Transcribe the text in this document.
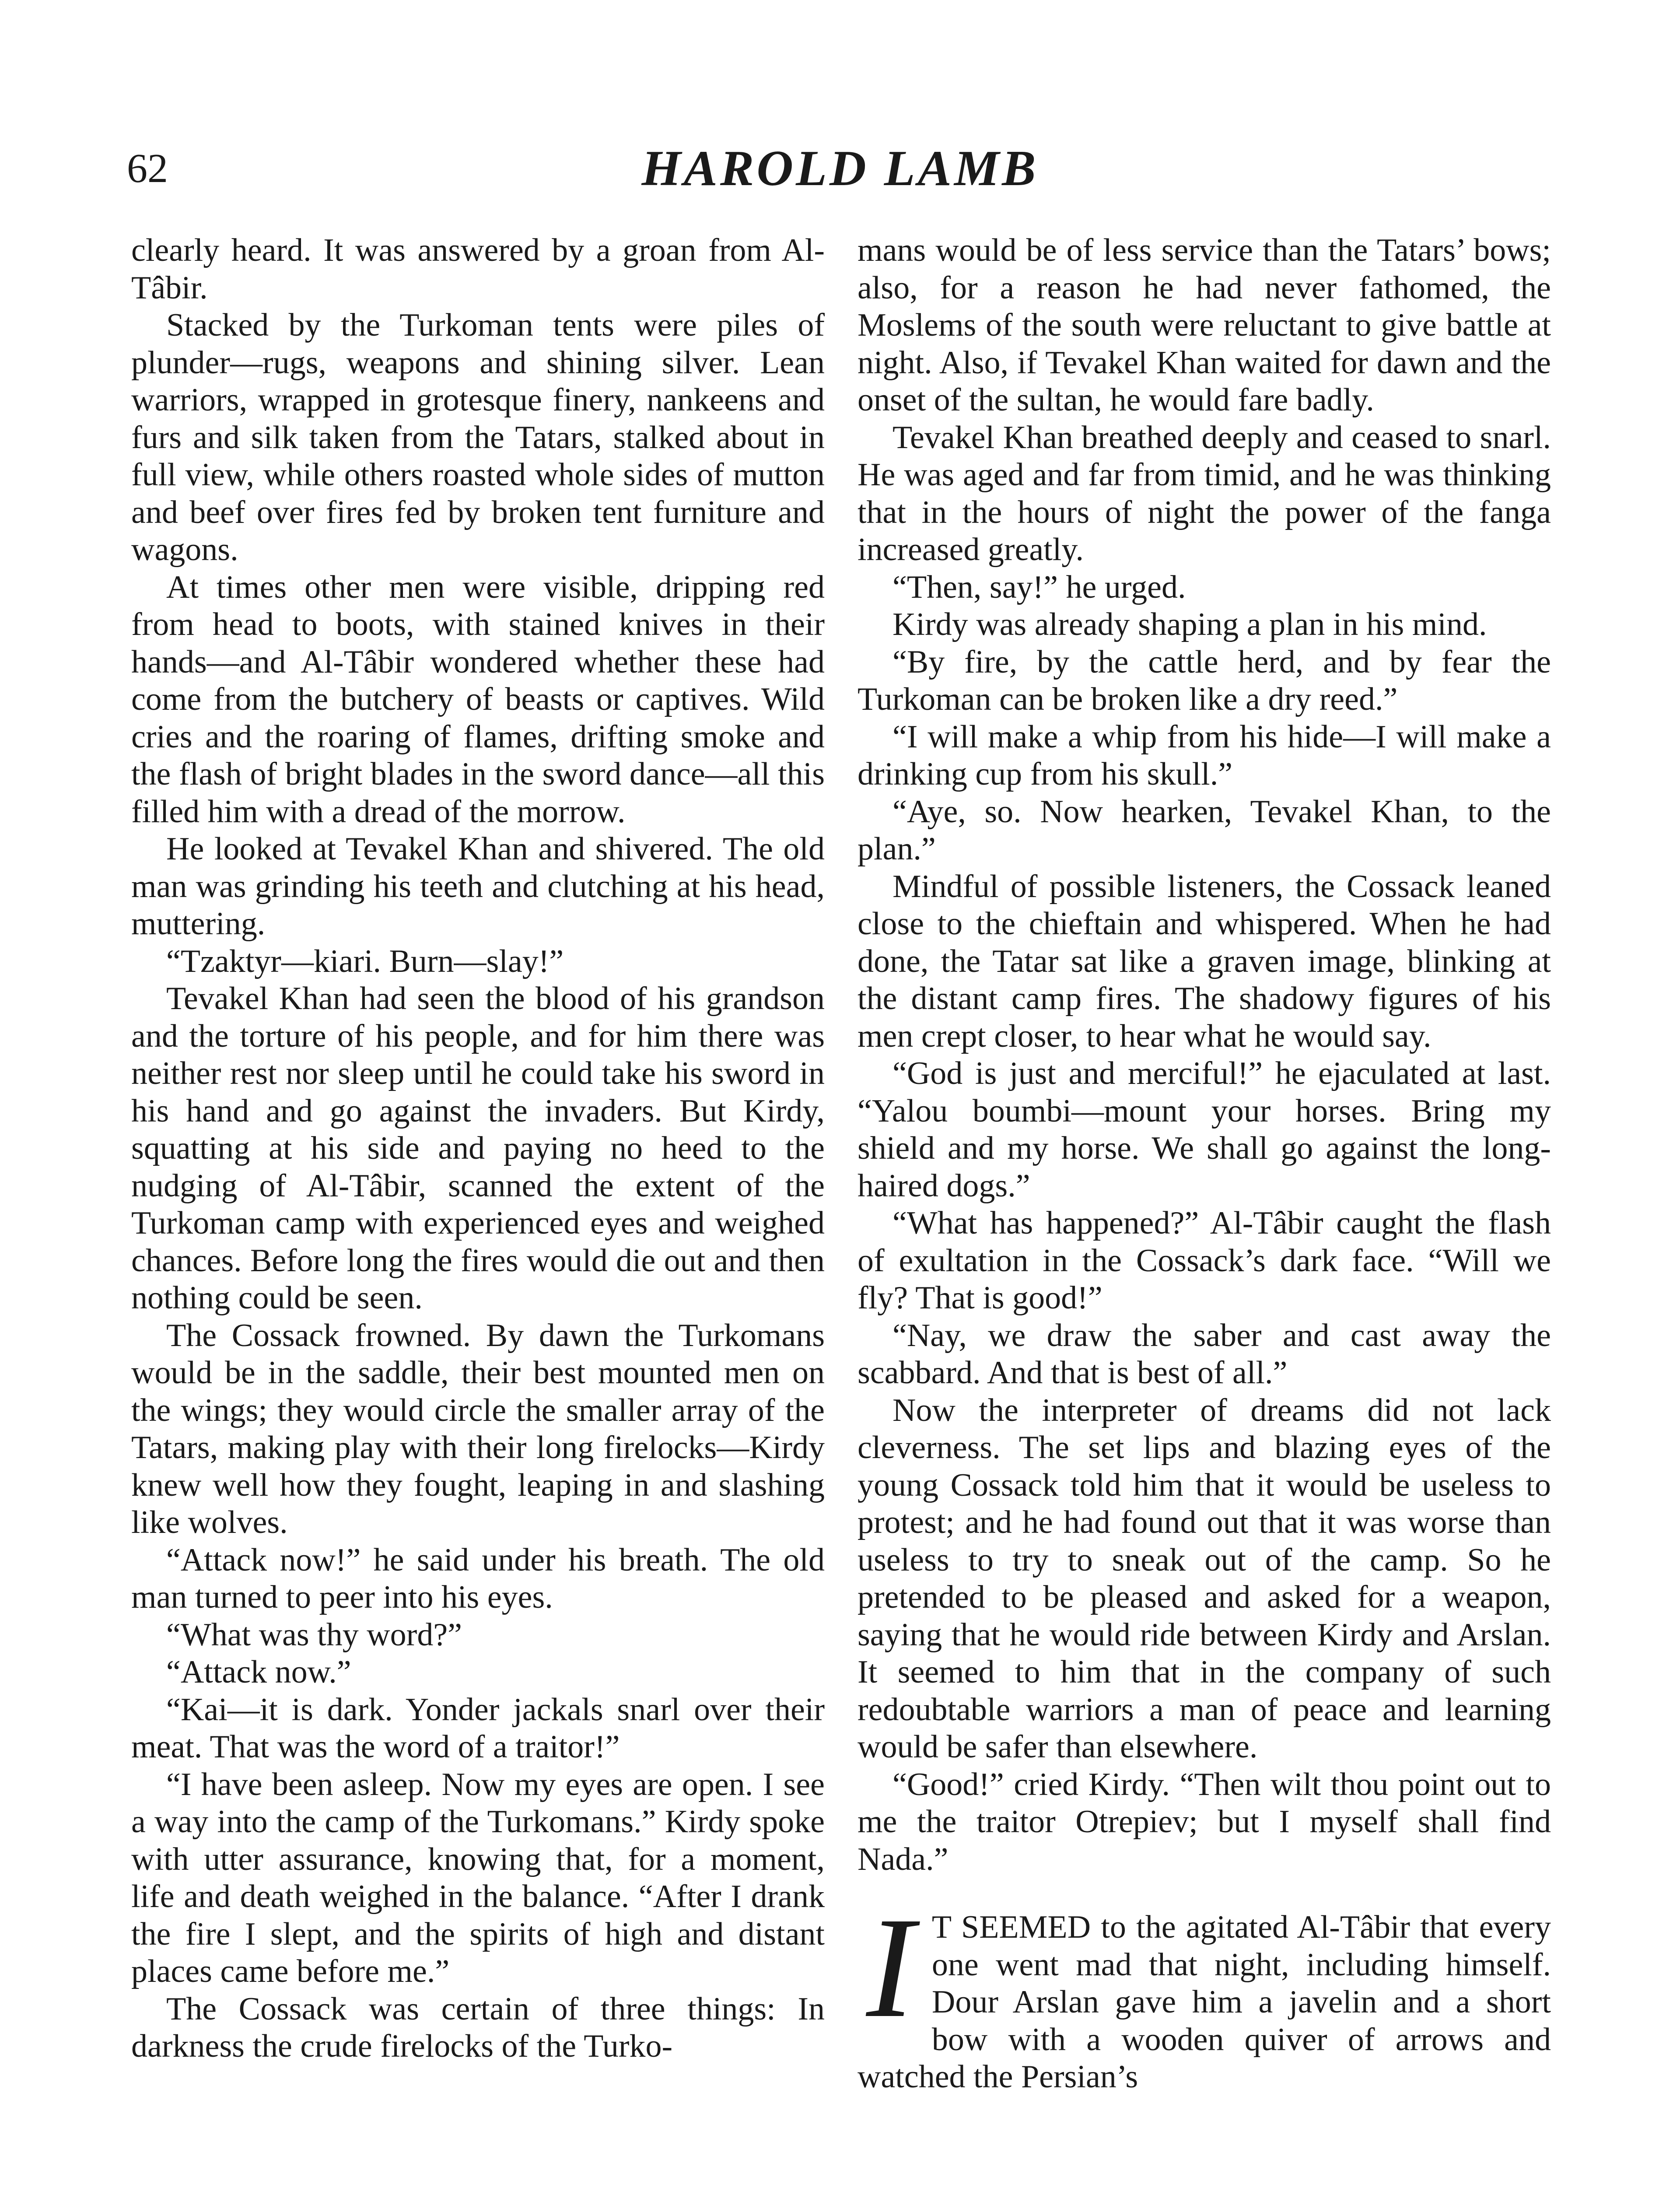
62	HAROLD LAMB

clearly heard. It was answered by a groan from Al-Tâbir.

Stacked by the Turkoman tents were piles of plunder—rugs, weapons and shining silver. Lean warriors, wrapped in grotesque finery, nankeens and furs and silk taken from the Tatars, stalked about in full view, while others roasted whole sides of mutton and beef over fires fed by broken tent furniture and wagons.

At times other men were visible, dripping red from head to boots, with stained knives in their hands—and Al-Tâbir wondered whether these had come from the butchery of beasts or captives. Wild cries and the roaring of flames, drifting smoke and the flash of bright blades in the sword dance—all this filled him with a dread of the morrow.

He looked at Tevakel Khan and shivered. The old man was grinding his teeth and clutching at his head, muttering.

“Tzaktyr—kiari. Burn—slay!”

Tevakel Khan had seen the blood of his grandson and the torture of his people, and for him there was neither rest nor sleep until he could take his sword in his hand and go against the invaders. But Kirdy, squatting at his side and paying no heed to the nudging of Al-Tâbir, scanned the extent of the Turkoman camp with experienced eyes and weighed chances. Before long the fires would die out and then nothing could be seen.

The Cossack frowned. By dawn the Turkomans would be in the saddle, their best mounted men on the wings; they would circle the smaller array of the Tatars, making play with their long firelocks—Kirdy knew well how they fought, leaping in and slashing like wolves.

“Attack now!” he said under his breath. The old man turned to peer into his eyes.

“What was thy word?”

“Attack now.”

“Kai—it is dark. Yonder jackals snarl over their meat. That was the word of a traitor!”

“I have been asleep. Now my eyes are open. I see a way into the camp of the Turkomans.” Kirdy spoke with utter assurance, knowing that, for a moment, life and death weighed in the balance. “After I drank the fire I slept, and the spirits of high and distant places came before me.”

The Cossack was certain of three things: In darkness the crude firelocks of the Turko-

mans would be of less service than the Tatars’ bows; also, for a reason he had never fathomed, the Moslems of the south were reluctant to give battle at night. Also, if Tevakel Khan waited for dawn and the onset of the sultan, he would fare badly.

Tevakel Khan breathed deeply and ceased to snarl. He was aged and far from timid, and he was thinking that in the hours of night the power of the fanga increased greatly.

“Then, say!” he urged.

Kirdy was already shaping a plan in his mind.

“By fire, by the cattle herd, and by fear the Turkoman can be broken like a dry reed.”

“I will make a whip from his hide—I will make a drinking cup from his skull.”

“Aye, so. Now hearken, Tevakel Khan, to the plan.”

Mindful of possible listeners, the Cossack leaned close to the chieftain and whispered. When he had done, the Tatar sat like a graven image, blinking at the distant camp fires. The shadowy figures of his men crept closer, to hear what he would say.

“God is just and merciful!” he ejaculated at last. “Yalou boumbi—mount your horses. Bring my shield and my horse. We shall go against the long-haired dogs.”

“What has happened?” Al-Tâbir caught the flash of exultation in the Cossack’s dark face. “Will we fly? That is good!”

“Nay, we draw the saber and cast away the scabbard. And that is best of all.”

Now the interpreter of dreams did not lack cleverness. The set lips and blazing eyes of the young Cossack told him that it would be useless to protest; and he had found out that it was worse than useless to try to sneak out of the camp. So he pretended to be pleased and asked for a weapon, saying that he would ride between Kirdy and Arslan. It seemed to him that in the company of such redoubtable warriors a man of peace and learning would be safer than elsewhere.

“Good!” cried Kirdy. “Then wilt thou point out to me the traitor Otrepiev; but I myself shall find Nada.”

I T SEEMED to the agitated Al-Tâbir that every one went mad that night, including himself. Dour Arslan gave him a javelin and a short bow with a wooden quiver of arrows and watched the Persian’s
